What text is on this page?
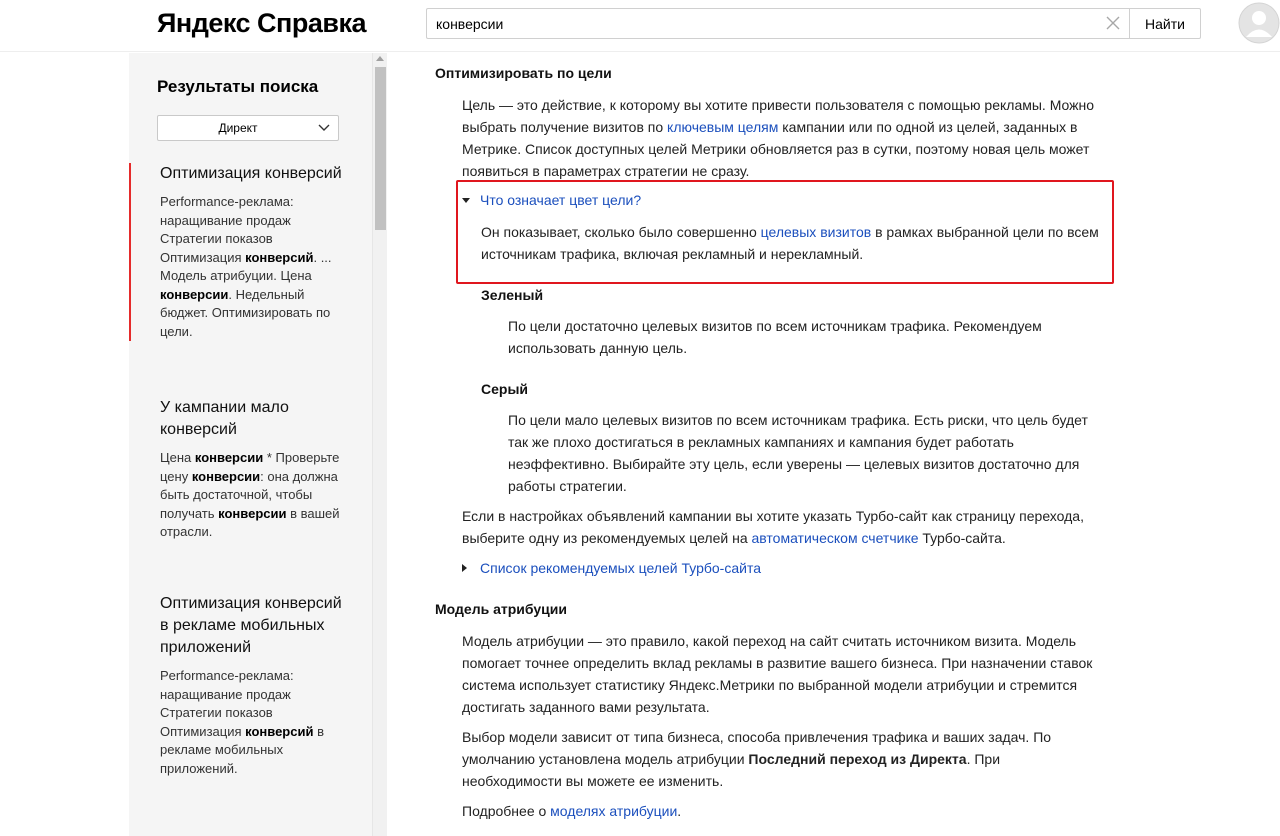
Яндекс Справка
конверсии	Найти
Результаты поиска
Директ
Оптимизация конверсий
Performance-реклама: наращивание продаж Стратегии показов Оптимизация конверсий. ... Модель атрибуции. Цена конверсии. Недельный бюджет. Оптимизировать по цели.
У кампании мало конверсий
Цена конверсии * Проверьте цену конверсии: она должна быть достаточной, чтобы получать конверсии в вашей отрасли.
Оптимизация конверсий в рекламе мобильных приложений
Performance-реклама: наращивание продаж Стратегии показов Оптимизация конверсий в рекламе мобильных приложений.
Оптимизировать по цели
Цель — это действие, к которому вы хотите привести пользователя с помощью рекламы. Можно выбрать получение визитов по ключевым целям кампании или по одной из целей, заданных в Метрике. Список доступных целей Метрики обновляется раз в сутки, поэтому новая цель может появиться в параметрах стратегии не сразу.
Что означает цвет цели?
Он показывает, сколько было совершенно целевых визитов в рамках выбранной цели по всем источникам трафика, включая рекламный и нерекламный.
Зеленый
По цели достаточно целевых визитов по всем источникам трафика. Рекомендуем использовать данную цель.
Серый
По цели мало целевых визитов по всем источникам трафика. Есть риски, что цель будет так же плохо достигаться в рекламных кампаниях и кампания будет работать неэффективно. Выбирайте эту цель, если уверены — целевых визитов достаточно для работы стратегии.
Если в настройках объявлений кампании вы хотите указать Турбо-сайт как страницу перехода, выберите одну из рекомендуемых целей на автоматическом счетчике Турбо-сайта.
Список рекомендуемых целей Турбо-сайта
Модель атрибуции
Модель атрибуции — это правило, какой переход на сайт считать источником визита. Модель помогает точнее определить вклад рекламы в развитие вашего бизнеса. При назначении ставок система использует статистику Яндекс.Метрики по выбранной модели атрибуции и стремится достигать заданного вами результата.
Выбор модели зависит от типа бизнеса, способа привлечения трафика и ваших задач. По умолчанию установлена модель атрибуции Последний переход из Директа. При необходимости вы можете ее изменить.
Подробнее о моделях атрибуции.
